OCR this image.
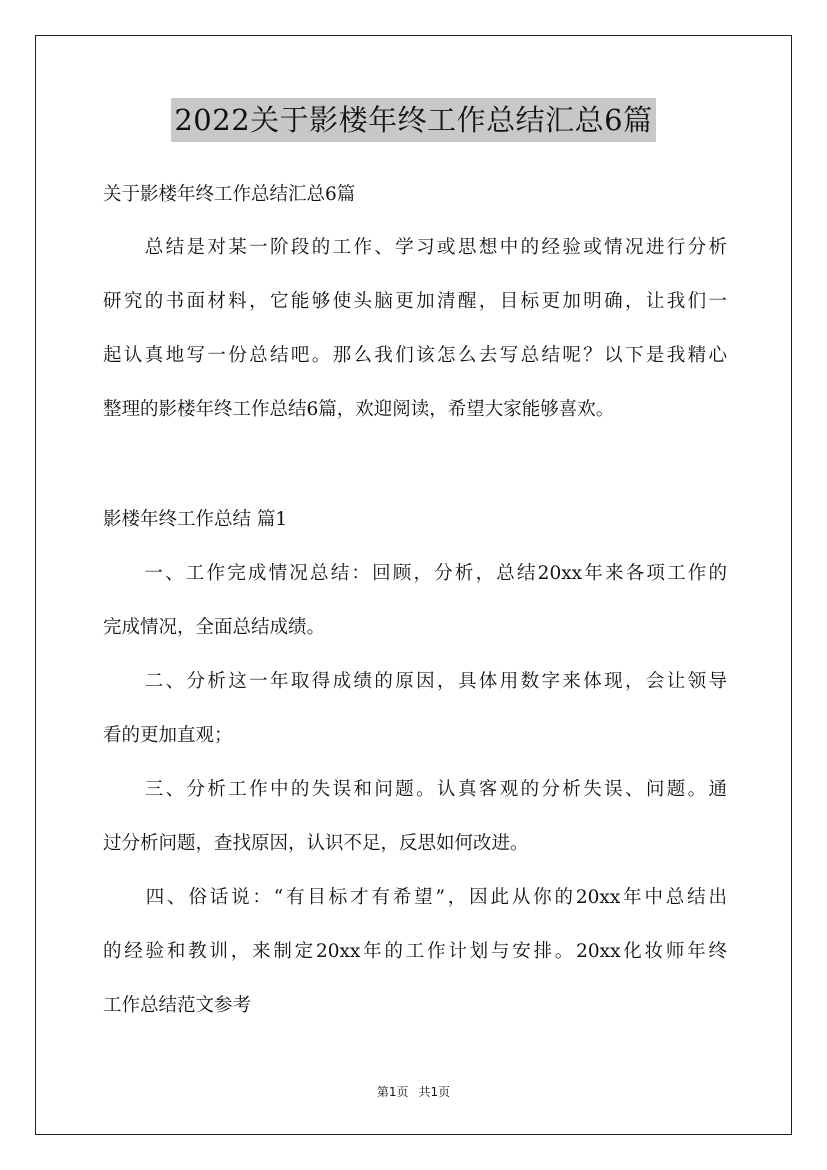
2022关于影楼年终工作总结汇总6篇
关于影楼年终工作总结汇总6篇
　　总结是对某一阶段的工作、学习或思想中的经验或情况进行分析
研究的书面材料，它能够使头脑更加清醒，目标更加明确，让我们一
起认真地写一份总结吧。那么我们该怎么去写总结呢？以下是我精心
整理的影楼年终工作总结6篇，欢迎阅读，希望大家能够喜欢。
影楼年终工作总结 篇1
　　一、工作完成情况总结：回顾，分析，总结20xx年来各项工作的
完成情况，全面总结成绩。
　　二、分析这一年取得成绩的原因，具体用数字来体现，会让领导
看的更加直观；
　　三、分析工作中的失误和问题。认真客观的分析失误、问题。通
过分析问题，查找原因，认识不足，反思如何改进。
　　四、俗话说：“有目标才有希望”，因此从你的20xx年中总结出
的经验和教训，来制定20xx年的工作计划与安排。20xx化妆师年终
工作总结范文参考
第1页 共1页
